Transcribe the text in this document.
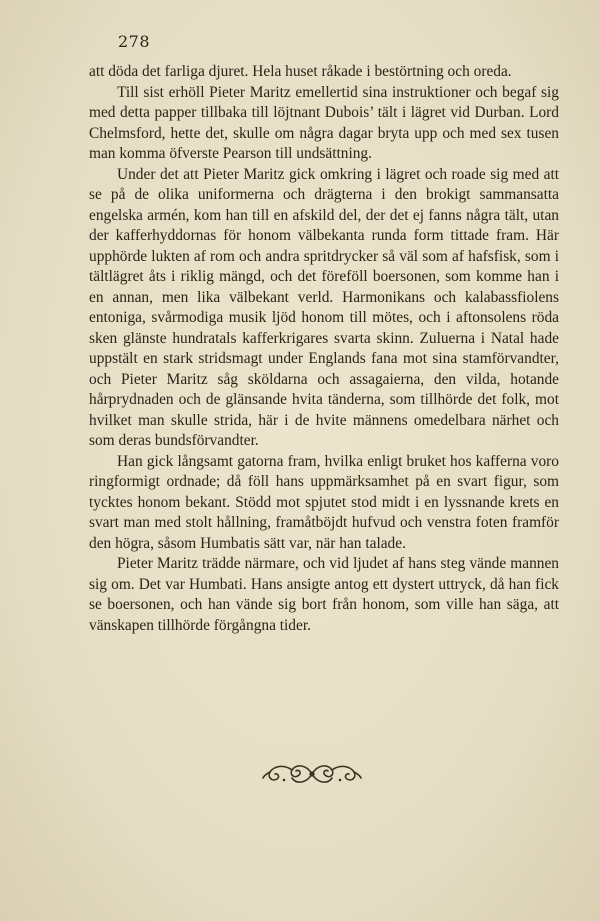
278

att döda det farliga djuret. Hela huset råkade i bestörtning och oreda.

Till sist erhöll Pieter Maritz emellertid sina instruktioner och begaf sig med detta papper tillbaka till löjtnant Dubois’ tält i lägret vid Durban. Lord Chelmsford, hette det, skulle om några dagar bryta upp och med sex tusen man komma öfverste Pearson till undsättning.

Under det att Pieter Maritz gick omkring i lägret och roade sig med att se på de olika uniformerna och drägterna i den brokigt sammansatta engelska armén, kom han till en afskild del, der det ej fanns några tält, utan der kafferhyddornas för honom välbekanta runda form tittade fram. Här upphörde lukten af rom och andra spritdrycker så väl som af hafsfisk, som i tältlägret åts i riklig mängd, och det föreföll boersonen, som komme han i en annan, men lika välbekant verld. Harmonikans och kalabassfiolens entoniga, svårmodiga musik ljöd honom till mötes, och i aftonsolens röda sken glänste hundratals kafferkrigares svarta skinn. Zuluerna i Natal hade uppstält en stark stridsmagt under Englands fana mot sina stamförvandter, och Pieter Maritz såg sköldarna och assagaierna, den vilda, hotande hårprydnaden och de glänsande hvita tänderna, som tillhörde det folk, mot hvilket man skulle strida, här i de hvite männens omedelbara närhet och som deras bundsförvandter.

Han gick långsamt gatorna fram, hvilka enligt bruket hos kafferna voro ringformigt ordnade; då föll hans uppmärksamhet på en svart figur, som tycktes honom bekant. Stödd mot spjutet stod midt i en lyssnande krets en svart man med stolt hållning, framåtböjdt hufvud och venstra foten framför den högra, såsom Humbatis sätt var, när han talade.

Pieter Maritz trädde närmare, och vid ljudet af hans steg vände mannen sig om. Det var Humbati. Hans ansigte antog ett dystert uttryck, då han fick se boersonen, och han vände sig bort från honom, som ville han säga, att vänskapen tillhörde förgångna tider.
